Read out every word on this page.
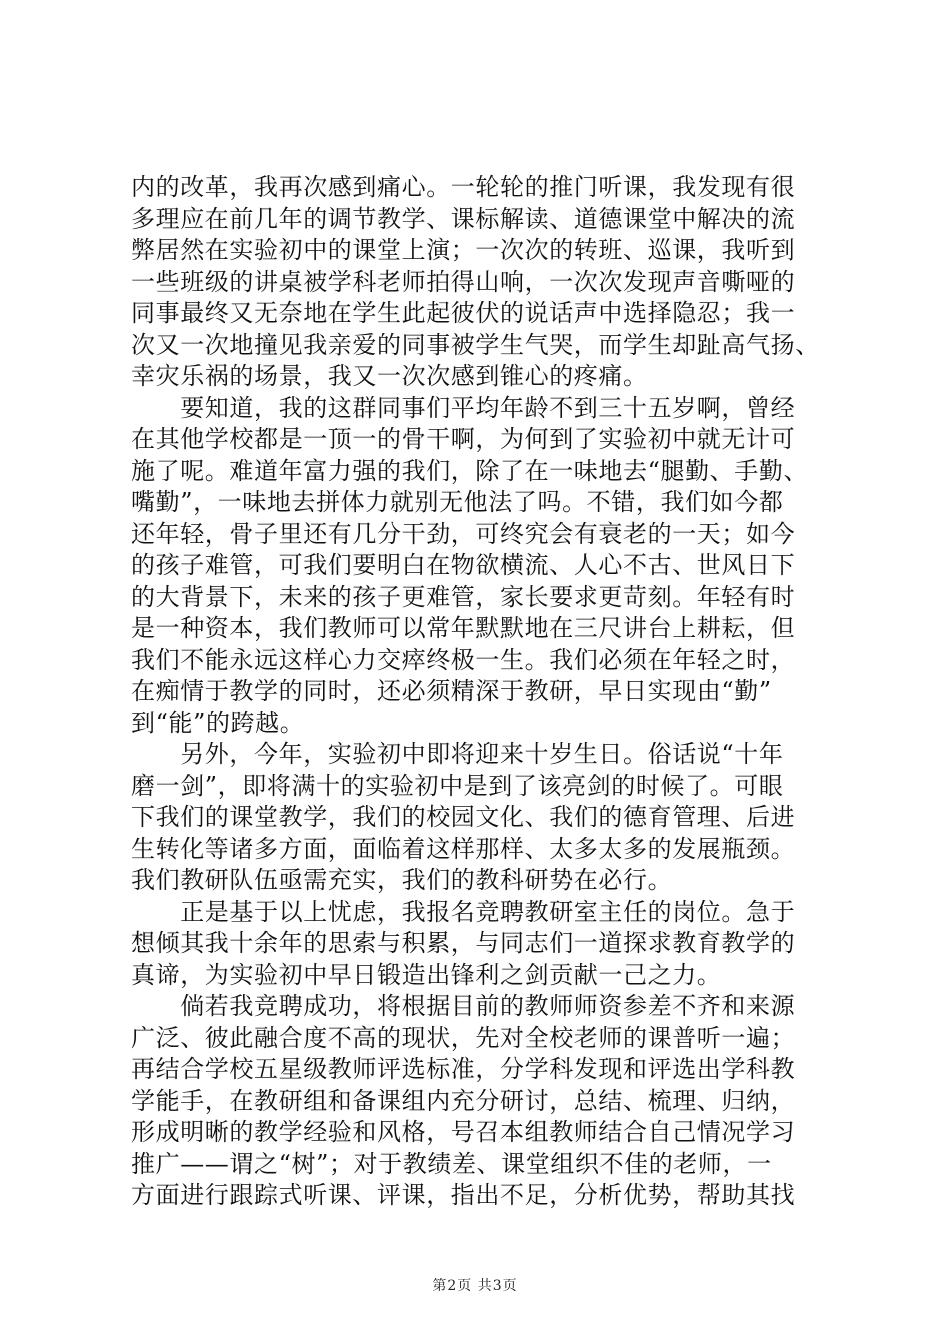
内的改革，我再次感到痛心。一轮轮的推门听课，我发现有很
多理应在前几年的调节教学、课标解读、道德课堂中解决的流
弊居然在实验初中的课堂上演；一次次的转班、巡课，我听到
一些班级的讲桌被学科老师拍得山响，一次次发现声音嘶哑的
同事最终又无奈地在学生此起彼伏的说话声中选择隐忍；我一
次又一次地撞见我亲爱的同事被学生气哭，而学生却趾高气扬、
幸灾乐祸的场景，我又一次次感到锥心的疼痛。
　　要知道，我的这群同事们平均年龄不到三十五岁啊，曾经
在其他学校都是一顶一的骨干啊，为何到了实验初中就无计可
施了呢。难道年富力强的我们，除了在一味地去“腿勤、手勤、
嘴勤”，一味地去拼体力就别无他法了吗。不错，我们如今都
还年轻，骨子里还有几分干劲，可终究会有衰老的一天；如今
的孩子难管，可我们要明白在物欲横流、人心不古、世风日下
的大背景下，未来的孩子更难管，家长要求更苛刻。年轻有时
是一种资本，我们教师可以常年默默地在三尺讲台上耕耘，但
我们不能永远这样心力交瘁终极一生。我们必须在年轻之时，
在痴情于教学的同时，还必须精深于教研，早日实现由“勤”
到“能”的跨越。
　　另外，今年，实验初中即将迎来十岁生日。俗话说“十年
磨一剑”，即将满十的实验初中是到了该亮剑的时候了。可眼
下我们的课堂教学，我们的校园文化、我们的德育管理、后进
生转化等诸多方面，面临着这样那样、太多太多的发展瓶颈。
我们教研队伍亟需充实，我们的教科研势在必行。
　　正是基于以上忧虑，我报名竞聘教研室主任的岗位。急于
想倾其我十余年的思索与积累，与同志们一道探求教育教学的
真谛，为实验初中早日锻造出锋利之剑贡献一己之力。
　　倘若我竞聘成功，将根据目前的教师师资参差不齐和来源
广泛、彼此融合度不高的现状，先对全校老师的课普听一遍；
再结合学校五星级教师评选标准，分学科发现和评选出学科教
学能手，在教研组和备课组内充分研讨，总结、梳理、归纳，
形成明晰的教学经验和风格，号召本组教师结合自己情况学习
推广——谓之“树”；对于教绩差、课堂组织不佳的老师，一
方面进行跟踪式听课、评课，指出不足，分析优势，帮助其找
第2页 共3页
